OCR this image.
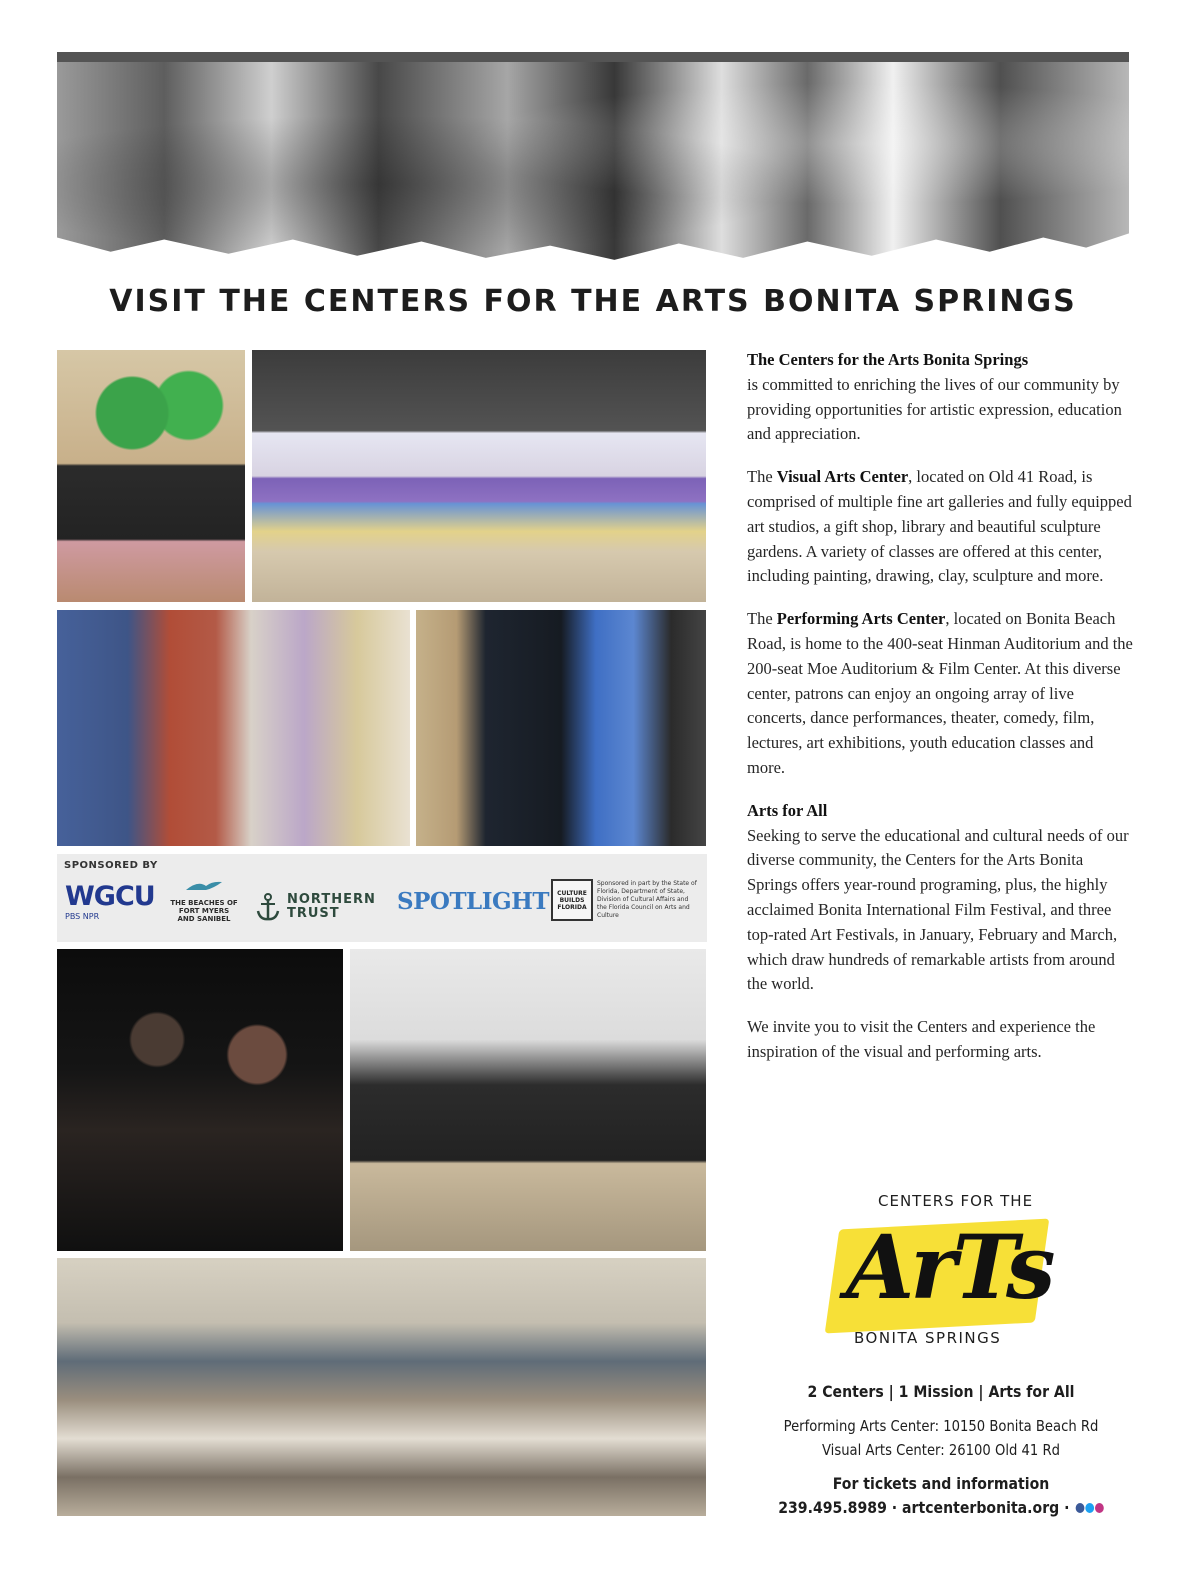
VISIT THE CENTERS FOR THE ARTS BONITA SPRINGS
SPONSORED BY
WGCU
PBS NPR
THE BEACHES OF
FORT MYERS
AND SANIBEL
NORTHERN TRUST	SPOTLIGHT	CULTURE BUILDS FLORIDA
Sponsored in part by the State of Florida, Department of State, Division of Cultural Affairs and the Florida Council on Arts and Culture

The Centers for the Arts Bonita Springs
is committed to enriching the lives of our community by providing opportunities for artistic expression, education and appreciation.

The Visual Arts Center, located on Old 41 Road, is comprised of multiple fine art galleries and fully equipped art studios, a gift shop, library and beautiful sculpture gardens. A variety of classes are offered at this center, including painting, drawing, clay, sculpture and more.

The Performing Arts Center, located on Bonita Beach Road, is home to the 400-seat Hinman Auditorium and the 200-seat Moe Auditorium & Film Center. At this diverse center, patrons can enjoy an ongoing array of live concerts, dance performances, theater, comedy, film, lectures, art exhibitions, youth education classes and more.

Arts for All
Seeking to serve the educational and cultural needs of our diverse community, the Centers for the Arts Bonita Springs offers year-round programing, plus, the highly acclaimed Bonita International Film Festival, and three top-rated Art Festivals, in January, February and March, which draw hundreds of remarkable artists from around the world.

We invite you to visit the Centers and experience the inspiration of the visual and performing arts.

ArTs
CENTERS FOR THE
BONITA SPRINGS
2 Centers | 1 Mission | Arts for All
Performing Arts Center: 10150 Bonita Beach Rd
Visual Arts Center: 26100 Old 41 Rd
For tickets and information
239.495.8989 · artcenterbonita.org ·
